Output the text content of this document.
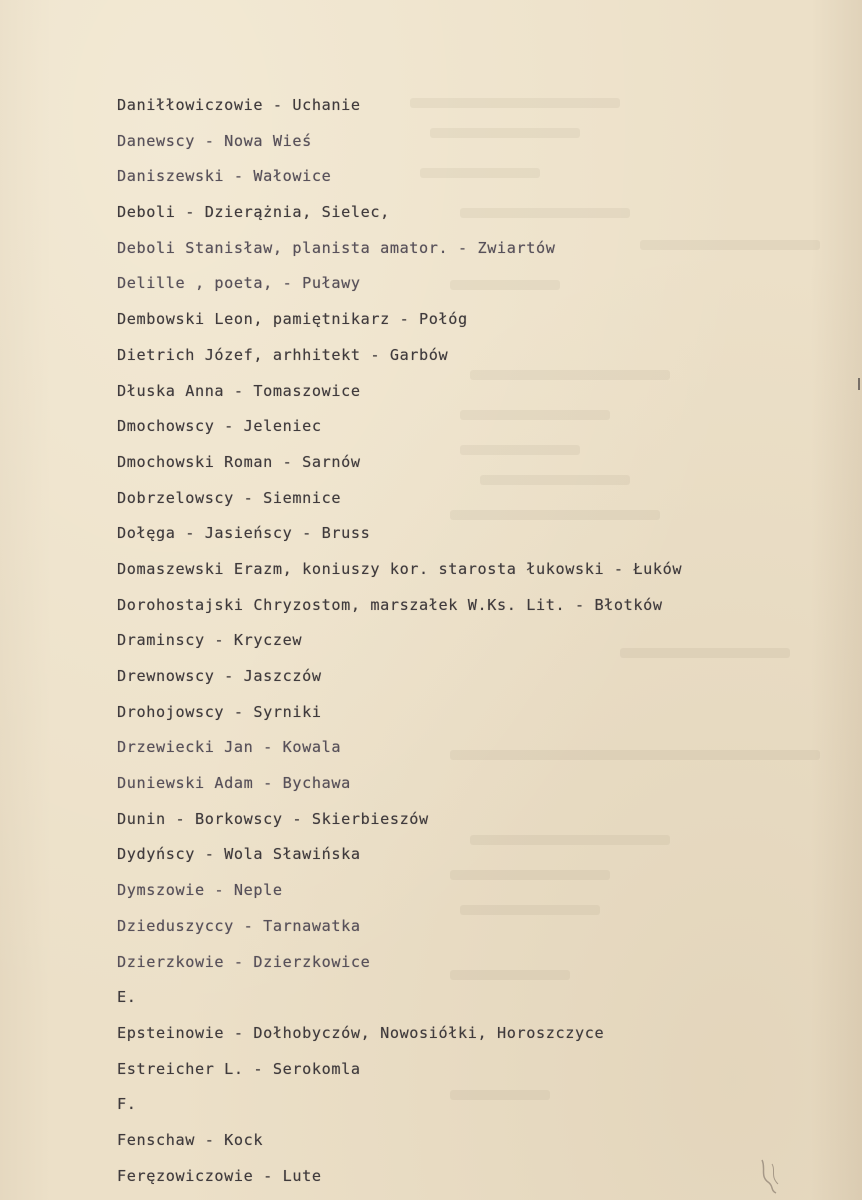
Daniłłowiczowie - Uchanie
Danewscy - Nowa Wieś
Daniszewski - Wałowice
Deboli - Dzierążnia, Sielec,
Deboli Stanisław, planista amator. - Zwiartów
Delille , poeta, - Puławy
Dembowski Leon, pamiętnikarz - Połóg
Dietrich Józef, arhhitekt - Garbów
Dłuska Anna - Tomaszowice
Dmochowscy - Jeleniec
Dmochowski Roman - Sarnów
Dobrzelowscy - Siemnice
Dołęga - Jasieńscy - Bruss
Domaszewski Erazm, koniuszy kor. starosta łukowski - Łuków
Dorohostajski Chryzostom, marszałek W.Ks. Lit. - Błotków
Draminscy - Kryczew
Drewnowscy - Jaszczów
Drohojowscy - Syrniki
Drzewiecki Jan - Kowala
Duniewski Adam - Bychawa
Dunin - Borkowscy - Skierbieszów
Dydyńscy - Wola Sławińska
Dymszowie - Neple
Dzieduszyccy - Tarnawatka
Dzierzkowie - Dzierzkowice
E.
Epsteinowie - Dołhobyczów, Nowosiółki, Horoszczyce
Estreicher L. - Serokomla
F.
Fenschaw - Kock
Feręzowiczowie - Lute
